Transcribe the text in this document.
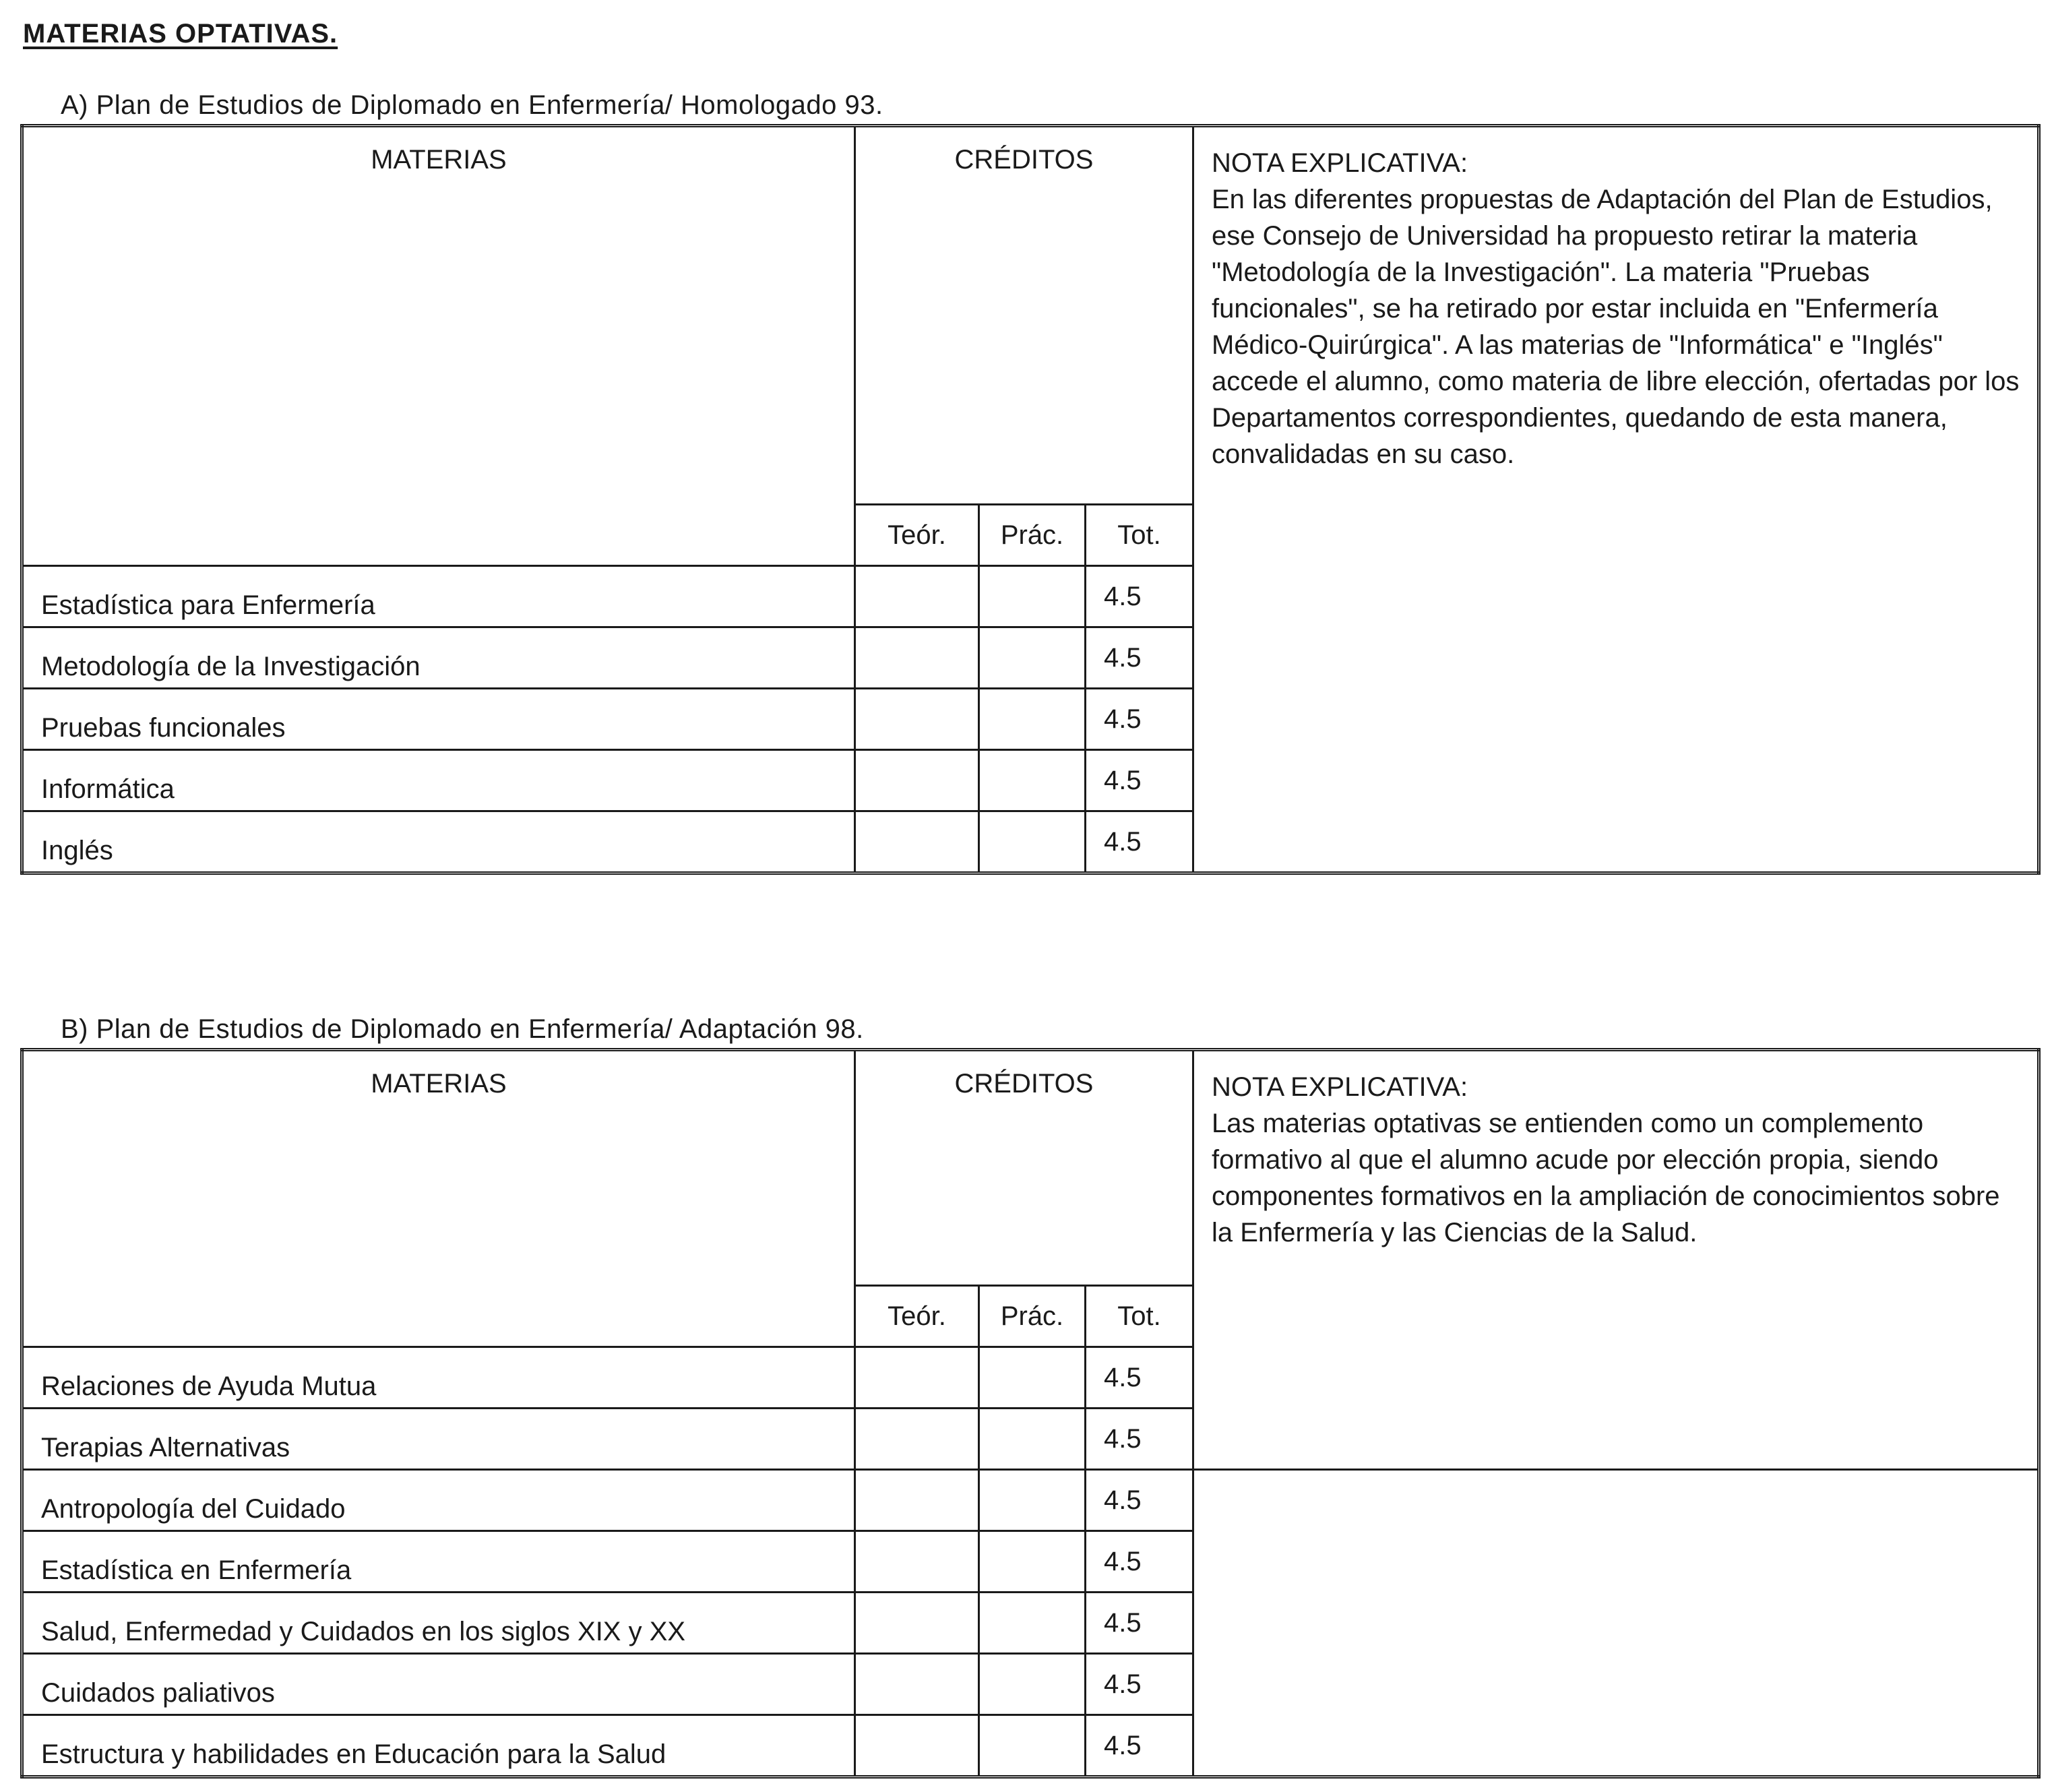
MATERIAS OPTATIVAS.
A) Plan de Estudios de Diplomado en Enfermería/ Homologado 93.
MATERIAS	CRÉDITOS			NOTA EXPLICATIVA:
En las diferentes propuestas de Adaptación del Plan de Estudios, ese Consejo de Universidad ha propuesto retirar la materia "Metodología de la Investigación". La materia "Pruebas funcionales", se ha retirado por estar incluida en "Enfermería Médico-Quirúrgica". A las materias de "Informática" e "Inglés" accede el alumno, como materia de libre elección, ofertadas por los Departamentos correspondientes, quedando de esta manera, convalidadas en su caso.

	Teór.	Prác.	Tot.	
Estadística para Enfermería			4.5	
Metodología de la Investigación			4.5	
Pruebas funcionales			4.5	
Informática			4.5	
Inglés			4.5	
B) Plan de Estudios de Diplomado en Enfermería/ Adaptación 98.
MATERIAS	CRÉDITOS			NOTA EXPLICATIVA:
Las materias optativas se entienden como un complemento formativo al que el alumno acude por elección propia, siendo componentes formativos en la ampliación de conocimientos sobre la Enfermería y las Ciencias de la Salud.

	Teór.	Prác.	Tot.	
Relaciones de Ayuda Mutua			4.5	
Terapias Alternativas			4.5	
Antropología del Cuidado			4.5	
Estadística en Enfermería			4.5	
Salud, Enfermedad y Cuidados en los siglos XIX y XX			4.5	
Cuidados paliativos			4.5	
Estructura y habilidades en Educación para la Salud			4.5	
